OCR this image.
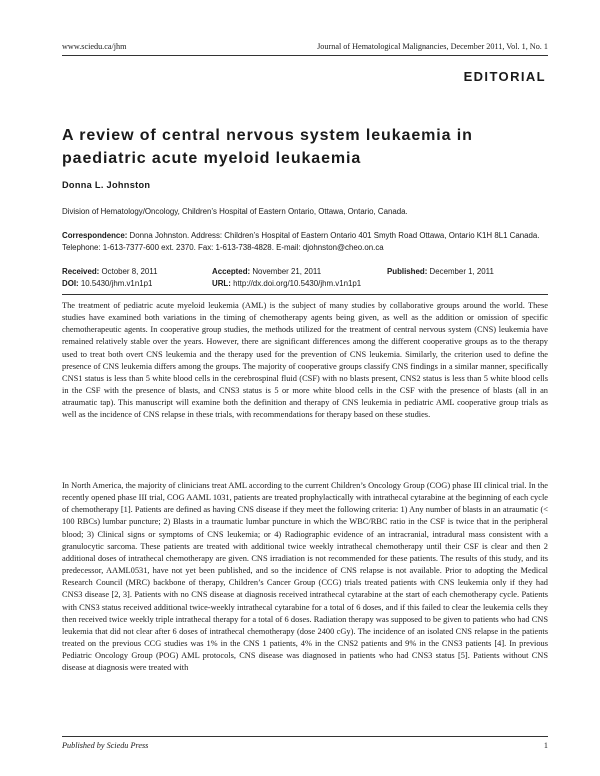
www.sciedu.ca/jhm	Journal of Hematological Malignancies, December 2011, Vol. 1, No. 1
EDITORIAL
A review of central nervous system leukaemia in paediatric acute myeloid leukaemia
Donna L. Johnston
Division of Hematology/Oncology, Children’s Hospital of Eastern Ontario, Ottawa, Ontario, Canada.
Correspondence: Donna Johnston. Address: Children’s Hospital of Eastern Ontario 401 Smyth Road Ottawa, Ontario K1H 8L1 Canada. Telephone: 1-613-7377-600 ext. 2370. Fax: 1-613-738-4828. E-mail: djohnston@cheo.on.ca
Received: October 8, 2011	Accepted: November 21, 2011	Published: December 1, 2011
DOI: 10.5430/jhm.v1n1p1	URL: http://dx.doi.org/10.5430/jhm.v1n1p1

The treatment of pediatric acute myeloid leukemia (AML) is the subject of many studies by collaborative groups around the world. These studies have examined both variations in the timing of chemotherapy agents being given, as well as the addition or omission of specific chemotherapeutic agents. In cooperative group studies, the methods utilized for the treatment of central nervous system (CNS) leukemia have remained relatively stable over the years. However, there are significant differences among the different cooperative groups as to the therapy used to treat both overt CNS leukemia and the therapy used for the prevention of CNS leukemia. Similarly, the criterion used to define the presence of CNS leukemia differs among the groups. The majority of cooperative groups classify CNS findings in a similar manner, specifically CNS1 status is less than 5 white blood cells in the cerebrospinal fluid (CSF) with no blasts present, CNS2 status is less than 5 white blood cells in the CSF with the presence of blasts, and CNS3 status is 5 or more white blood cells in the CSF with the presence of blasts (all in an atraumatic tap). This manuscript will examine both the definition and therapy of CNS leukemia in pediatric AML cooperative group trials as well as the incidence of CNS relapse in these trials, with recommendations for therapy based on these studies.

In North America, the majority of clinicians treat AML according to the current Children’s Oncology Group (COG) phase III clinical trial. In the recently opened phase III trial, COG AAML 1031, patients are treated prophylactically with intrathecal cytarabine at the beginning of each cycle of chemotherapy [1]. Patients are defined as having CNS disease if they meet the following criteria: 1) Any number of blasts in an atraumatic (< 100 RBCs) lumbar puncture; 2) Blasts in a traumatic lumbar puncture in which the WBC/RBC ratio in the CSF is twice that in the peripheral blood; 3) Clinical signs or symptoms of CNS leukemia; or 4) Radiographic evidence of an intracranial, intradural mass consistent with a granulocytic sarcoma. These patients are treated with additional twice weekly intrathecal chemotherapy until their CSF is clear and then 2 additional doses of intrathecal chemotherapy are given. CNS irradiation is not recommended for these patients. The results of this study, and its predecessor, AAML0531, have not yet been published, and so the incidence of CNS relapse is not available. Prior to adopting the Medical Research Council (MRC) backbone of therapy, Children’s Cancer Group (CCG) trials treated patients with CNS leukemia only if they had CNS3 disease [2, 3]. Patients with no CNS disease at diagnosis received intrathecal cytarabine at the start of each chemotherapy cycle. Patients with CNS3 status received additional twice-weekly intrathecal cytarabine for a total of 6 doses, and if this failed to clear the leukemia cells they then received twice weekly triple intrathecal therapy for a total of 6 doses. Radiation therapy was supposed to be given to patients who had CNS leukemia that did not clear after 6 doses of intrathecal chemotherapy (dose 2400 cGy). The incidence of an isolated CNS relapse in the patients treated on the previous CCG studies was 1% in the CNS 1 patients, 4% in the CNS2 patients and 9% in the CNS3 patients [4]. In previous Pediatric Oncology Group (POG) AML protocols, CNS disease was diagnosed in patients who had CNS3 status [5]. Patients without CNS disease at diagnosis were treated with

Published by Sciedu Press	1
